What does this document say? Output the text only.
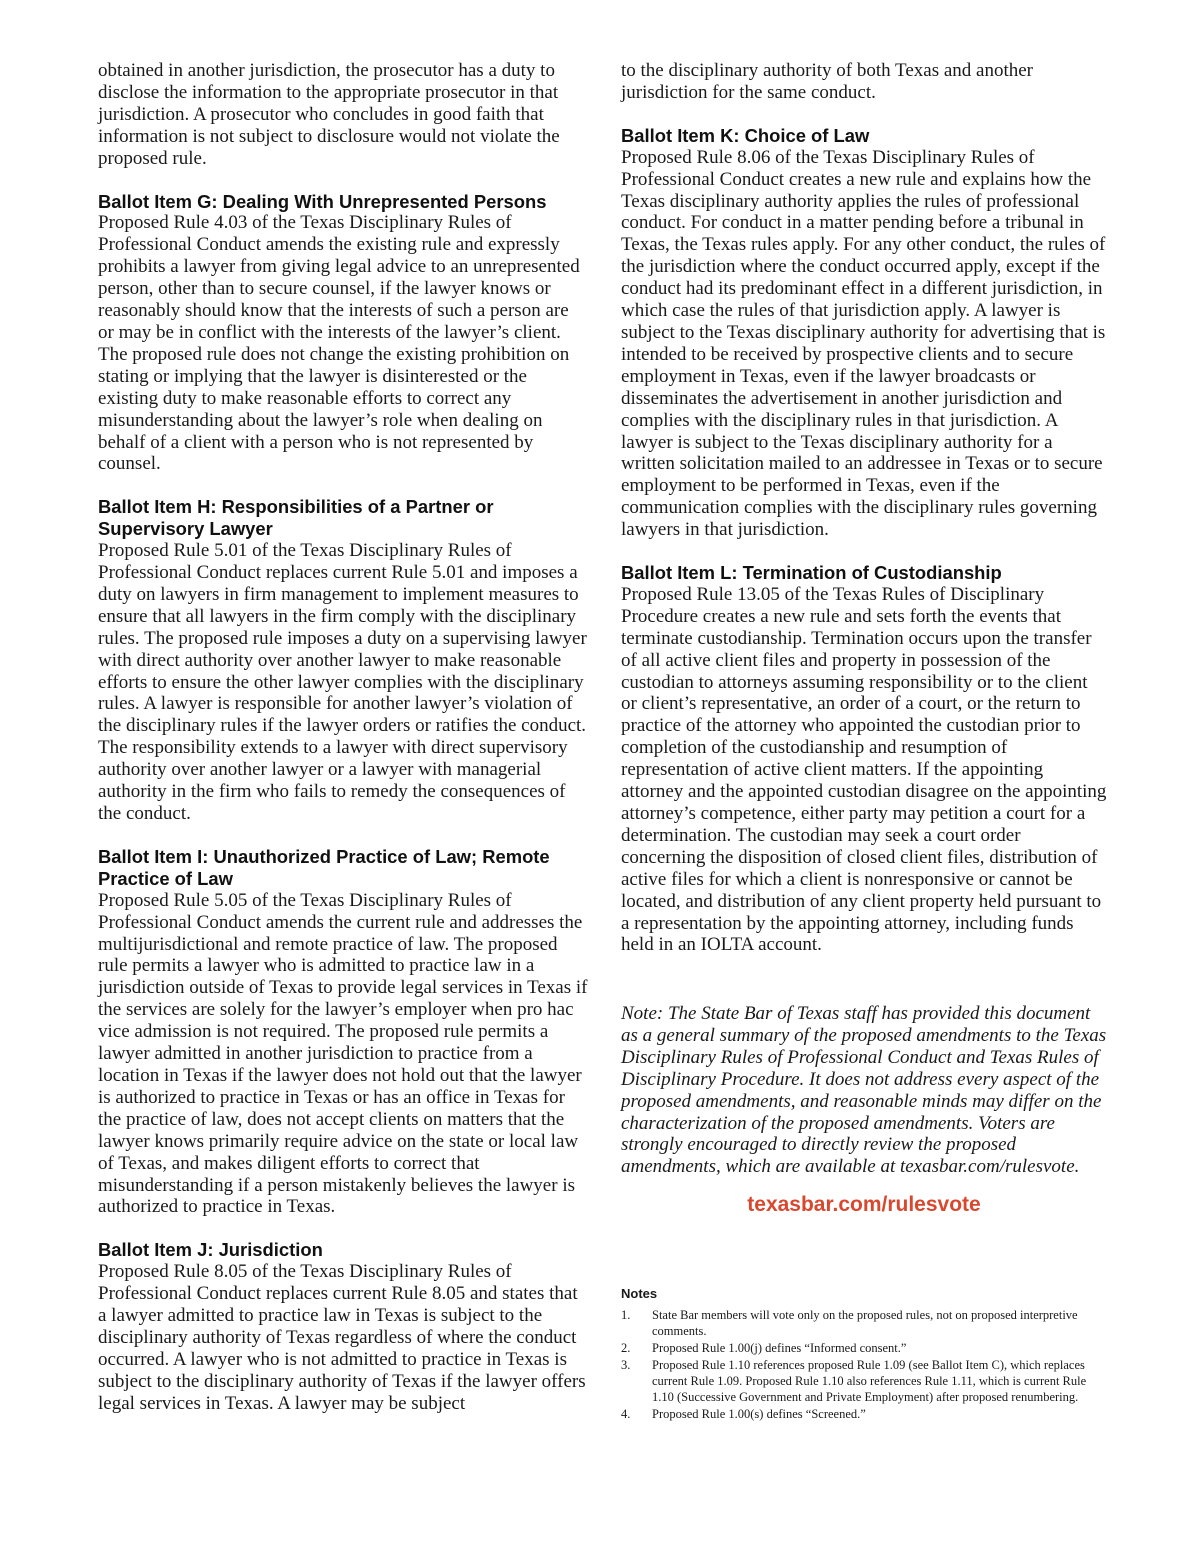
obtained in another jurisdiction, the prosecutor has a duty to disclose the information to the appropriate prosecutor in that jurisdiction. A prosecutor who concludes in good faith that information is not subject to disclosure would not violate the proposed rule.

Ballot Item G: Dealing With Unrepresented Persons

Proposed Rule 4.03 of the Texas Disciplinary Rules of Professional Conduct amends the existing rule and expressly prohibits a lawyer from giving legal advice to an unrepresented person, other than to secure counsel, if the lawyer knows or reasonably should know that the interests of such a person are or may be in conflict with the interests of the lawyer’s client. The proposed rule does not change the existing prohibition on stating or implying that the lawyer is disinterested or the existing duty to make reasonable efforts to correct any misunderstanding about the lawyer’s role when dealing on behalf of a client with a person who is not represented by counsel.

Ballot Item H: Responsibilities of a Partner or Supervisory Lawyer

Proposed Rule 5.01 of the Texas Disciplinary Rules of Professional Conduct replaces current Rule 5.01 and imposes a duty on lawyers in firm management to implement measures to ensure that all lawyers in the firm comply with the disciplinary rules. The proposed rule imposes a duty on a supervising lawyer with direct authority over another lawyer to make reasonable efforts to ensure the other lawyer complies with the disciplinary rules. A lawyer is responsible for another lawyer’s violation of the disciplinary rules if the lawyer orders or ratifies the conduct. The responsibility extends to a lawyer with direct supervisory authority over another lawyer or a lawyer with managerial authority in the firm who fails to remedy the consequences of the conduct.

Ballot Item I: Unauthorized Practice of Law; Remote Practice of Law

Proposed Rule 5.05 of the Texas Disciplinary Rules of Professional Conduct amends the current rule and addresses the multijurisdictional and remote practice of law. The proposed rule permits a lawyer who is admitted to practice law in a jurisdiction outside of Texas to provide legal services in Texas if the services are solely for the lawyer’s employer when pro hac vice admission is not required. The proposed rule permits a lawyer admitted in another jurisdiction to practice from a location in Texas if the lawyer does not hold out that the lawyer is authorized to practice in Texas or has an office in Texas for the practice of law, does not accept clients on matters that the lawyer knows primarily require advice on the state or local law of Texas, and makes diligent efforts to correct that misunderstanding if a person mistakenly believes the lawyer is authorized to practice in Texas.

Ballot Item J: Jurisdiction

Proposed Rule 8.05 of the Texas Disciplinary Rules of Professional Conduct replaces current Rule 8.05 and states that a lawyer admitted to practice law in Texas is subject to the disciplinary authority of Texas regardless of where the conduct occurred. A lawyer who is not admitted to practice in Texas is subject to the disciplinary authority of Texas if the lawyer offers legal services in Texas. A lawyer may be subject

to the disciplinary authority of both Texas and another jurisdiction for the same conduct.

Ballot Item K: Choice of Law

Proposed Rule 8.06 of the Texas Disciplinary Rules of Professional Conduct creates a new rule and explains how the Texas disciplinary authority applies the rules of professional conduct. For conduct in a matter pending before a tribunal in Texas, the Texas rules apply. For any other conduct, the rules of the jurisdiction where the conduct occurred apply, except if the conduct had its predominant effect in a different jurisdiction, in which case the rules of that jurisdiction apply. A lawyer is subject to the Texas disciplinary authority for advertising that is intended to be received by prospective clients and to secure employment in Texas, even if the lawyer broadcasts or disseminates the advertisement in another jurisdiction and complies with the disciplinary rules in that jurisdiction. A lawyer is subject to the Texas disciplinary authority for a written solicitation mailed to an addressee in Texas or to secure employment to be performed in Texas, even if the communication complies with the disciplinary rules governing lawyers in that jurisdiction.

Ballot Item L: Termination of Custodianship

Proposed Rule 13.05 of the Texas Rules of Disciplinary Procedure creates a new rule and sets forth the events that terminate custodianship. Termination occurs upon the transfer of all active client files and property in possession of the custodian to attorneys assuming responsibility or to the client or client’s representative, an order of a court, or the return to practice of the attorney who appointed the custodian prior to completion of the custodianship and resumption of representation of active client matters. If the appointing attorney and the appointed custodian disagree on the appointing attorney’s competence, either party may petition a court for a determination. The custodian may seek a court order concerning the disposition of closed client files, distribution of active files for which a client is nonresponsive or cannot be located, and distribution of any client property held pursuant to a representation by the appointing attorney, including funds held in an IOLTA account.

Note: The State Bar of Texas staff has provided this document as a general summary of the proposed amendments to the Texas Disciplinary Rules of Professional Conduct and Texas Rules of Disciplinary Procedure. It does not address every aspect of the proposed amendments, and reasonable minds may differ on the characterization of the proposed amendments. Voters are strongly encouraged to directly review the proposed amendments, which are available at texasbar.com/rulesvote.

texasbar.com/rulesvote
Notes
1. State Bar members will vote only on the proposed rules, not on proposed interpretive comments.
2. Proposed Rule 1.00(j) defines “Informed consent.”
3. Proposed Rule 1.10 references proposed Rule 1.09 (see Ballot Item C), which replaces current Rule 1.09. Proposed Rule 1.10 also references Rule 1.11, which is current Rule 1.10 (Successive Government and Private Employment) after proposed renumbering.
4. Proposed Rule 1.00(s) defines “Screened.”
